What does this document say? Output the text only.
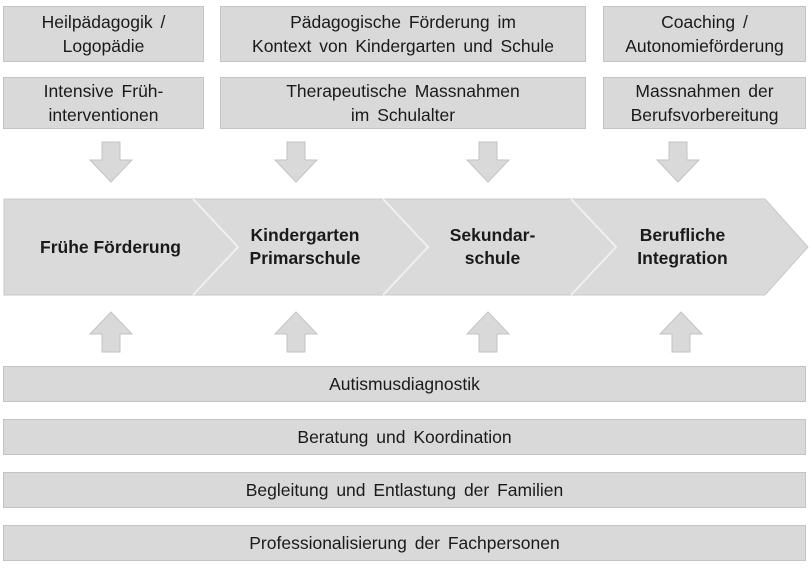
Heilpädagogik /
Logopädie
Pädagogische Förderung im
Kontext von Kindergarten und Schule
Coaching /
Autonomieförderung
Intensive Früh-
interventionen
Therapeutische Massnahmen
im Schulalter
Massnahmen der
Berufsvorbereitung
Frühe Förderung
Kindergarten
Primarschule
Sekundar-
schule
Berufliche
Integration
Autismusdiagnostik
Beratung und Koordination
Begleitung und Entlastung der Familien
Professionalisierung der Fachpersonen
